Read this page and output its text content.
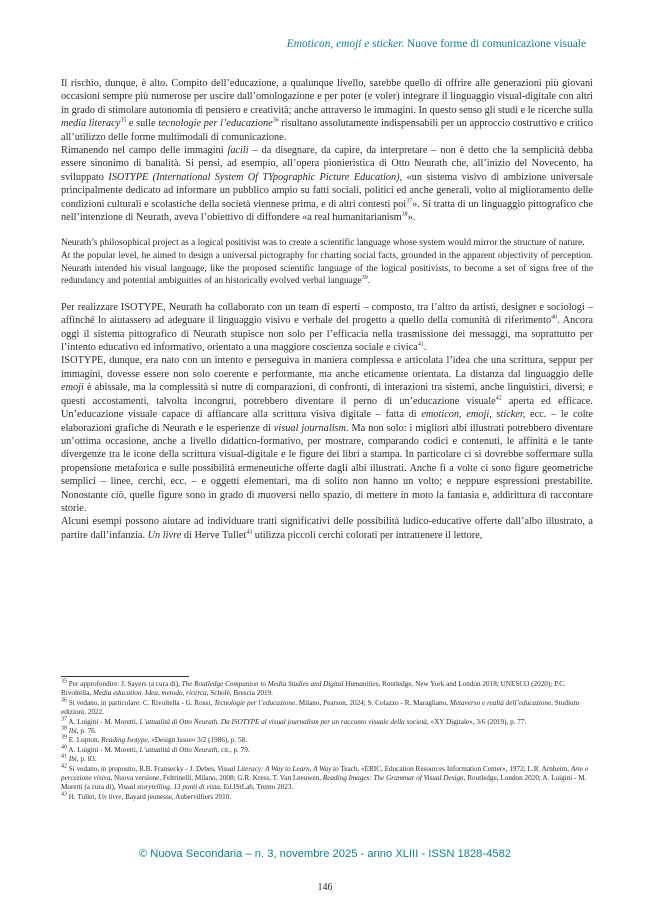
Emoticon, emoji e sticker. Nuove forme di comunicazione visuale

Il rischio, dunque, è alto. Compito dell’educazione, a qualunque livello, sarebbe quello di offrire alle generazioni più giovani occasioni sempre più numerose per uscire dall’omologazione e per poter (e voler) integrare il linguaggio visual-digitale con altri in grado di stimolare autonomia di pensiero e creatività; anche attraverso le immagini. In questo senso gli studi e le ricerche sulla media literacy$^{35}$ e sulle tecnologie per l’educazione$^{36}$ risultano assolutamente indispensabili per un approccio costruttivo e critico all’utilizzo delle forme multimodali di comunicazione.

Rimanendo nel campo delle immagini facili – da disegnare, da capire, da interpretare – non è detto che la semplicità debba essere sinonimo di banalità. Si pensi, ad esempio, all’opera pionieristica di Otto Neurath che, all’inizio del Novecento, ha sviluppato ISOTYPE (International System Of TYpographic Picture Education), «un sistema visivo di ambizione universale principalmente dedicato ad informare un pubblico ampio su fatti sociali, politici ed anche generali, volto al miglioramento delle condizioni culturali e scolastiche della società viennese prima, e di altri contesti poi$^{37}$». Si tratta di un linguaggio pittografico che nell’intenzione di Neurath, aveva l’obiettivo di diffondere «a real humanitarianism$^{38}$».

Neurath’s philosophical project as a logical positivist was to create a scientific language whose system would mirror the structure of nature.

At the popular level, he aimed to design a universal pictography for charting social facts, grounded in the apparent objectivity of perception. Neurath intended his visual language, like the proposed scientific language of the logical positivists, to become a set of signs free of the redundancy and potential ambiguities of an historically evolved verbal language$^{39}$.

Per realizzare ISOTYPE, Neurath ha collaborato con un team di esperti – composto, tra l’altro da artisti, designer e sociologi – affinché lo aiutassero ad adeguare il linguaggio visivo e verbale del progetto a quello della comunità di riferimento$^{40}$. Ancora oggi il sistema pittografico di Neurath stupisce non solo per l’efficacia nella trasmissione dei messaggi, ma soprattutto per l’intento educativo ed informativo, orientato a una maggiore coscienza sociale e civica$^{41}$.

ISOTYPE, dunque, era nato con un intento e perseguiva in maniera complessa e articolata l’idea che una scrittura, seppur per immagini, dovesse essere non solo coerente e performante, ma anche eticamente orientata. La distanza dal linguaggio delle emoji è abissale, ma la complessità si nutre di comparazioni, di confronti, di interazioni tra sistemi, anche linguistici, diversi; e questi accostamenti, talvolta incongrui, potrebbero diventare il perno di un’educazione visuale$^{42}$ aperta ed efficace. Un’educazione visuale capace di affiancare alla scrittura visiva digitale – fatta di emoticon, emoji, sticker, ecc. – le colte elaborazioni grafiche di Neurath e le esperienze di visual journalism. Ma non solo: i migliori albi illustrati potrebbero diventare un’ottima occasione, anche a livello didattico-formativo, per mostrare, comparando codici e contenuti, le affinità e le tante divergenze tra le icone della scrittura visual-digitale e le figure dei libri a stampa. In particolare ci si dovrebbe soffermare sulla propensione metaforica e sulle possibilità ermeneutiche offerte dagli albi illustrati. Anche fi a volte ci sono figure geometriche semplici – linee, cerchi, ecc. – e oggetti elementari, ma di solito non hanno un volto; e neppure espressioni prestabilite. Nonostante ciò, quelle figure sono in grado di muoversi nello spazio, di mettere in moto la fantasia e, addirittura di raccontare storie.

Alcuni esempi possono aiutare ad individuare tratti significativi delle possibilità ludico-educative offerte dall’albo illustrato, a partire dall’infanzia. Un livre di Herve Tullet$^{43}$ utilizza piccoli cerchi colorati per intrattenere il lettore,

$^{35}$ Per approfondire: J. Sayers (a cura di), The Routledge Companion to Media Studies and Digital Humanities, Routledge, New York and London 2018; UNESCO (2020); P.C. Rivoltella, Media education. Idea, metodo, ricerca, Scholé, Brescia 2019.

$^{36}$ Si vedano, in particolare: C. Rivoltella - G. Rossi, Tecnologie per l’educazione, Milano, Pearson, 2024; S. Colazzo - R. Maragliano, Metaverso e realtà dell’educazione, Studium edizioni, 2022.

$^{37}$ A. Luigini - M. Moretti, L’attualità di Otto Neurath. Da ISOTYPE al visual journalism per un racconto visuale della società, «XY Digitale», 3/6 (2019), p. 77.

$^{38}$ Ibi, p. 76.

$^{39}$ E. Lupton, Reading Isotype, «Design Issue» 3/2 (1986), p. 58.

$^{40}$ A. Luigini - M. Moretti, L’attualità di Otto Neurath, cit., p. 79.

$^{41}$ Ibi, p. 83.

$^{42}$ Si vedano, in proposito, R.B. Fransecky - J. Debes, Visual Literacy: A Way to Learn, A Way to Teach, «ERIC, Education Resources Information Center», 1972; L.R. Arnheim, Arte e percezione visiva, Nuova versione, Feltrinelli, Milano, 2008; G.R. Kress, T. Van Leeuwen, Reading Images: The Grammar of Visual Design, Routledge, London 2020; A. Luigini - M. Moretti (a cura di), Visual storytelling. 13 punti di vista, Ed.IStLab, Trento 2023.

$^{43}$ H. Tullet, Un livre, Bayard jeunesse, Aubervilliers 2010.

© Nuova Secondaria – n. 3, novembre 2025 - anno XLIII - ISSN 1828-4582
146
